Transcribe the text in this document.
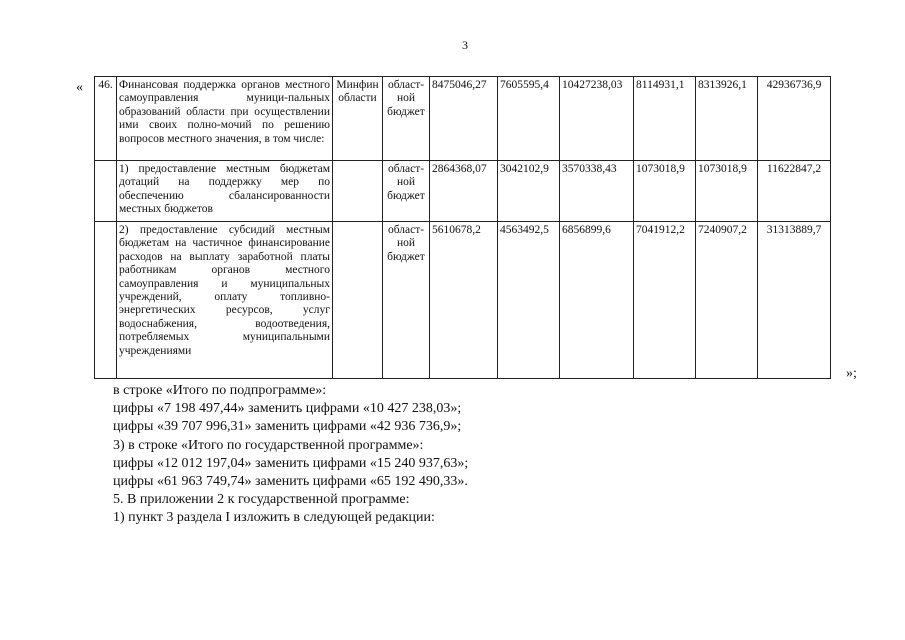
3
« 46.	Финансовая поддержка органов местного самоуправления муници-пальных образований области при осуществлении ими своих полно-мочий по решению вопросов местного значения, в том числе:	Минфин области	област-ной бюджет	8475046,27	7605595,4	10427238,03	8114931,1	8313926,1	42936736,9
	1) предоставление местным бюджетам дотаций на поддержку мер по обеспечению сбалансированности местных бюджетов		област-ной бюджет	2864368,07	3042102,9	3570338,43	1073018,9	1073018,9	11622847,2
	2) предоставление субсидий местным бюджетам на частичное финансирование расходов на выплату заработной платы работникам органов местного самоуправления и муниципальных учреждений, оплату топливно-энергетических ресурсов, услуг водоснабжения, водоотведения, потребляемых муниципальными учреждениями		област-ной бюджет	5610678,2	4563492,5	6856899,6	7041912,2	7240907,2	31313889,7
»;
в строке «Итого по подпрограмме»:
цифры «7 198 497,44» заменить цифрами «10 427 238,03»;
цифры «39 707 996,31» заменить цифрами «42 936 736,9»;
3) в строке «Итого по государственной программе»:
цифры «12 012 197,04» заменить цифрами «15 240 937,63»;
цифры «61 963 749,74» заменить цифрами «65 192 490,33».
5. В приложении 2 к государственной программе:
1) пункт 3 раздела I изложить в следующей редакции:
